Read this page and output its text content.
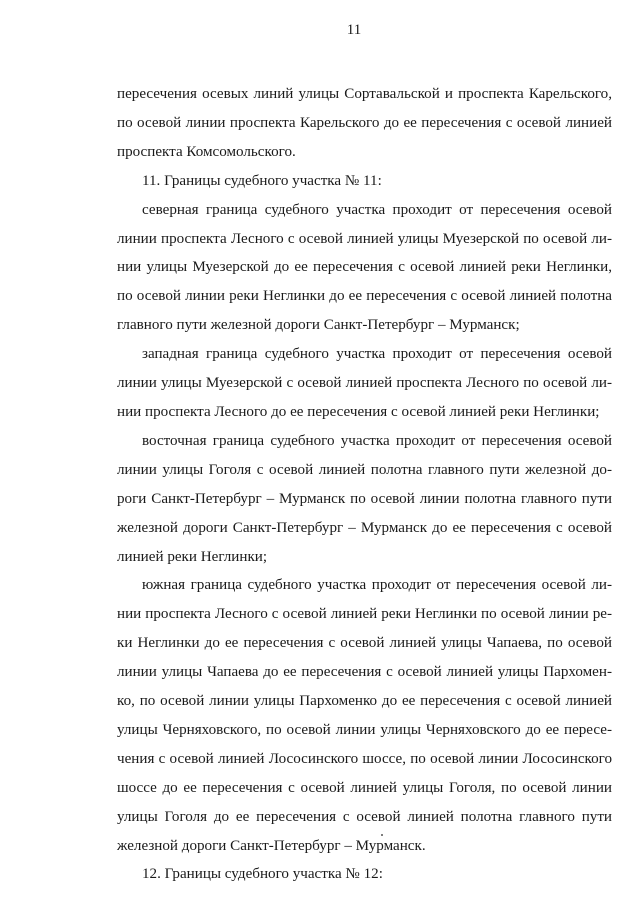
11
пересечения осевых линий улицы Сортавальской и проспекта Карельского,
по осевой линии проспекта Карельского до ее пересечения с осевой линией
проспекта Комсомольского.
11. Границы судебного участка № 11:
северная граница судебного участка проходит от пересечения осевой
линии проспекта Лесного с осевой линией улицы Муезерской по осевой ли-
нии улицы Муезерской до ее пересечения с осевой линией реки Неглинки,
по осевой линии реки Неглинки до ее пересечения с осевой линией полотна
главного пути железной дороги Санкт-Петербург – Мурманск;
западная граница судебного участка проходит от пересечения осевой
линии улицы Муезерской с осевой линией проспекта Лесного по осевой ли-
нии проспекта Лесного до ее пересечения с осевой линией реки Неглинки;
восточная граница судебного участка проходит от пересечения осевой
линии улицы Гоголя с осевой линией полотна главного пути железной до-
роги Санкт-Петербург – Мурманск по осевой линии полотна главного пути
железной дороги Санкт-Петербург – Мурманск до ее пересечения с осевой
линией реки Неглинки;
южная граница судебного участка проходит от пересечения осевой ли-
нии проспекта Лесного с осевой линией реки Неглинки по осевой линии ре-
ки Неглинки до ее пересечения с осевой линией улицы Чапаева, по осевой
линии улицы Чапаева до ее пересечения с осевой линией улицы Пархомен-
ко, по осевой линии улицы Пархоменко до ее пересечения с осевой линией
улицы Черняховского, по осевой линии улицы Черняховского до ее пересе-
чения с осевой линией Лососинского шоссе, по осевой линии Лососинского
шоссе до ее пересечения с осевой линией улицы Гоголя, по осевой линии
улицы Гоголя до ее пересечения с осевой линией полотна главного пути
железной дороги Санкт-Петербург – Мурманск.
12. Границы судебного участка № 12:
